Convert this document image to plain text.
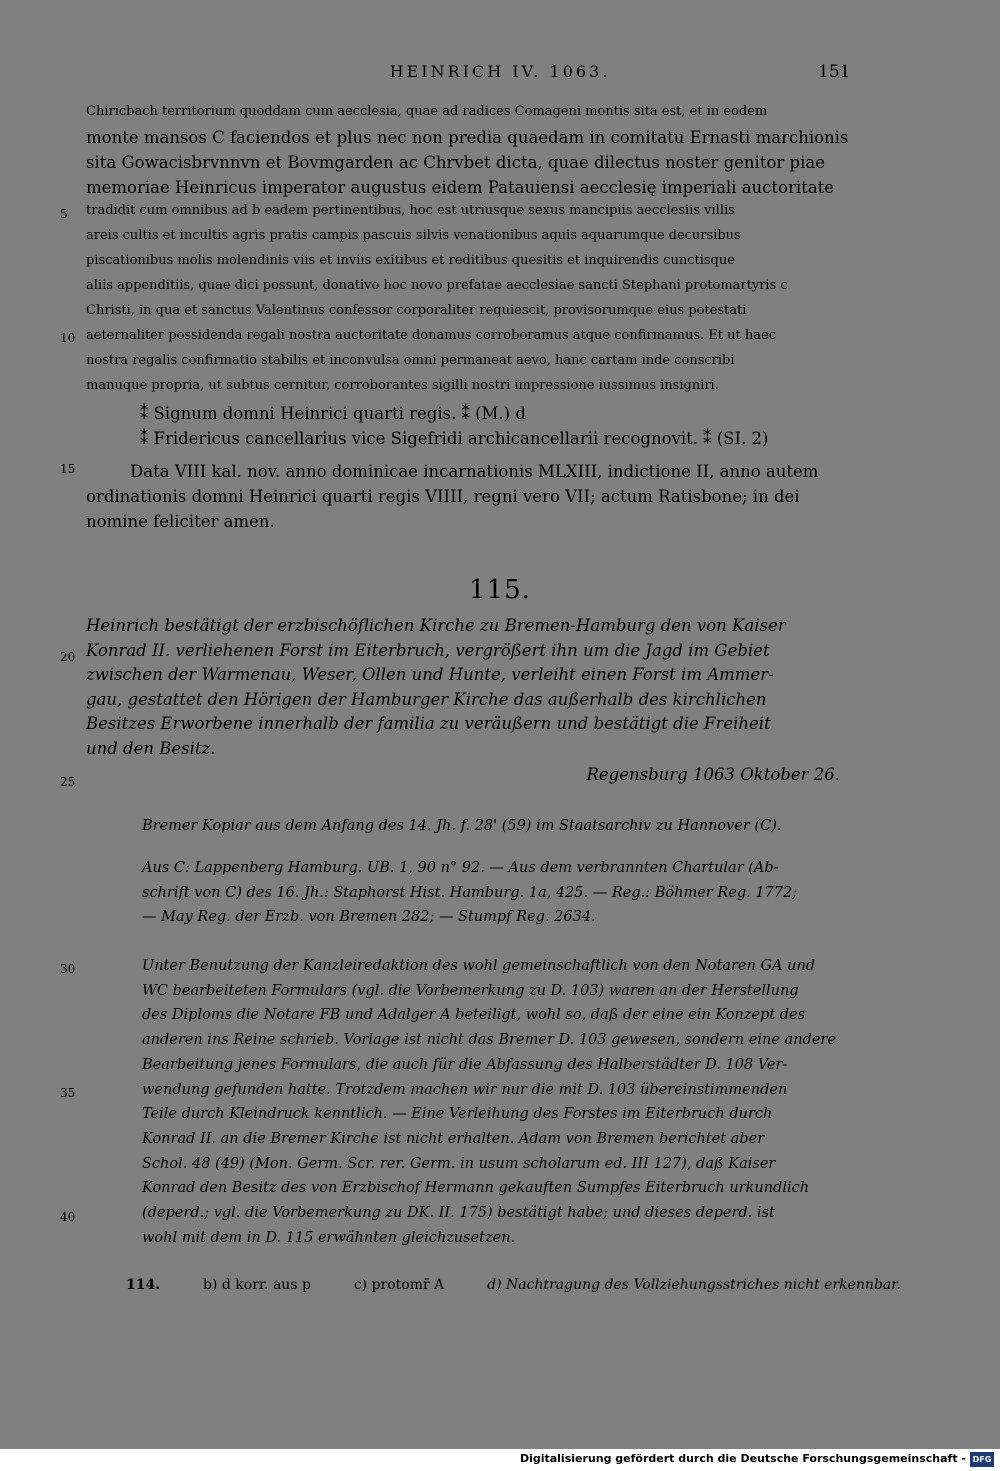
HEINRICH IV. 1063.	151
Chiricbach territorium quoddam cum aecclesia, quae ad radices Comageni montis sita est, et in eodem
monte mansos C faciendos et plus nec non predia quaedam in comitatu Ernasti marchionis
sita Gowacisbrvnnvn et Bovmgarden ac Chrvbet dicta, quae dilectus noster genitor piae
memoriae Heinricus imperator augustus eidem Patauiensi aecclesię imperiali auctoritate
tradidit cum omnibus ad b eadem pertinentibus, hoc est utriusque sexus mancipiis aecclesiis villis
areis cultis et incultis agris pratis campis pascuis silvis venationibus aquis aquarumque decursibus
piscationibus molis molendinis viis et inviis exitibus et reditibus quesitis et inquirendis cunctisque
aliis appenditiis, quae dici possunt, donativo hoc novo prefatae aecclesiae sancti Stephani protomartyris c
Christi, in qua et sanctus Valentinus confessor corporaliter requiescit, provisorumque eius potestati
aeternaliter possidenda regali nostra auctoritate donamus corroboramus atque confirmamus. Et ut haec
nostra regalis confirmatio stabilis et inconvulsa omni permaneat aevo, hanc cartam inde conscribi
manuque propria, ut subtus cernitur, corroborantes sigilli nostri impressione iussimus insigniri.
⁑ Signum domni Heinrici quarti regis. ⁑ (M.) d
⁑ Fridericus cancellarius vice Sigefridi archicancellarii recognovit. ⁑ (SI. 2)
Data VIII kal. nov. anno dominicae incarnationis MLXIII, indictione II, anno autem
ordinationis domni Heinrici quarti regis VIIII, regni vero VII; actum Ratisbone; in dei
nomine feliciter amen.
5
10
15
20
25
30
35
40
115.
Heinrich bestätigt der erzbischöflichen Kirche zu Bremen-Hamburg den von Kaiser
Konrad II. verliehenen Forst im Eiterbruch, vergrößert ihn um die Jagd im Gebiet
zwischen der Warmenau, Weser, Ollen und Hunte, verleiht einen Forst im Ammer-
gau, gestattet den Hörigen der Hamburger Kirche das außerhalb des kirchlichen
Besitzes Erworbene innerhalb der familia zu veräußern und bestätigt die Freiheit
und den Besitz.
Regensburg 1063 Oktober 26.
Bremer Kopiar aus dem Anfang des 14. Jh. f. 28' (59) im Staatsarchiv zu Hannover (C).
Aus C: Lappenberg Hamburg. UB. 1, 90 n° 92. — Aus dem verbrannten Chartular (Ab-
schrift von C) des 16. Jh.: Staphorst Hist. Hamburg. 1a, 425. — Reg.: Böhmer Reg. 1772;
— May Reg. der Erzb. von Bremen 282; — Stumpf Reg. 2634.
Unter Benutzung der Kanzleiredaktion des wohl gemeinschaftlich von den Notaren GA und
WC bearbeiteten Formulars (vgl. die Vorbemerkung zu D. 103) waren an der Herstellung
des Diploms die Notare FB und Adalger A beteiligt, wohl so, daß der eine ein Konzept des
anderen ins Reine schrieb. Vorlage ist nicht das Bremer D. 103 gewesen, sondern eine andere
Bearbeitung jenes Formulars, die auch für die Abfassung des Halberstädter D. 108 Ver-
wendung gefunden hatte. Trotzdem machen wir nur die mit D. 103 übereinstimmenden
Teile durch Kleindruck kenntlich. — Eine Verleihung des Forstes im Eiterbruch durch
Konrad II. an die Bremer Kirche ist nicht erhalten. Adam von Bremen berichtet aber
Schol. 48 (49) (Mon. Germ. Scr. rer. Germ. in usum scholarum ed. III 127), daß Kaiser
Konrad den Besitz des von Erzbischof Hermann gekauften Sumpfes Eiterbruch urkundlich
(deperd.; vgl. die Vorbemerkung zu DK. II. 175) bestätigt habe; und dieses deperd. ist
wohl mit dem in D. 115 erwähnten gleichzusetzen.
114.	b) d korr. aus p	c) protomr̄ A	d) Nachtragung des Vollziehungsstriches nicht erkennbar.
Digitalisierung gefördert durch die Deutsche Forschungsgemeinschaft - DFG
